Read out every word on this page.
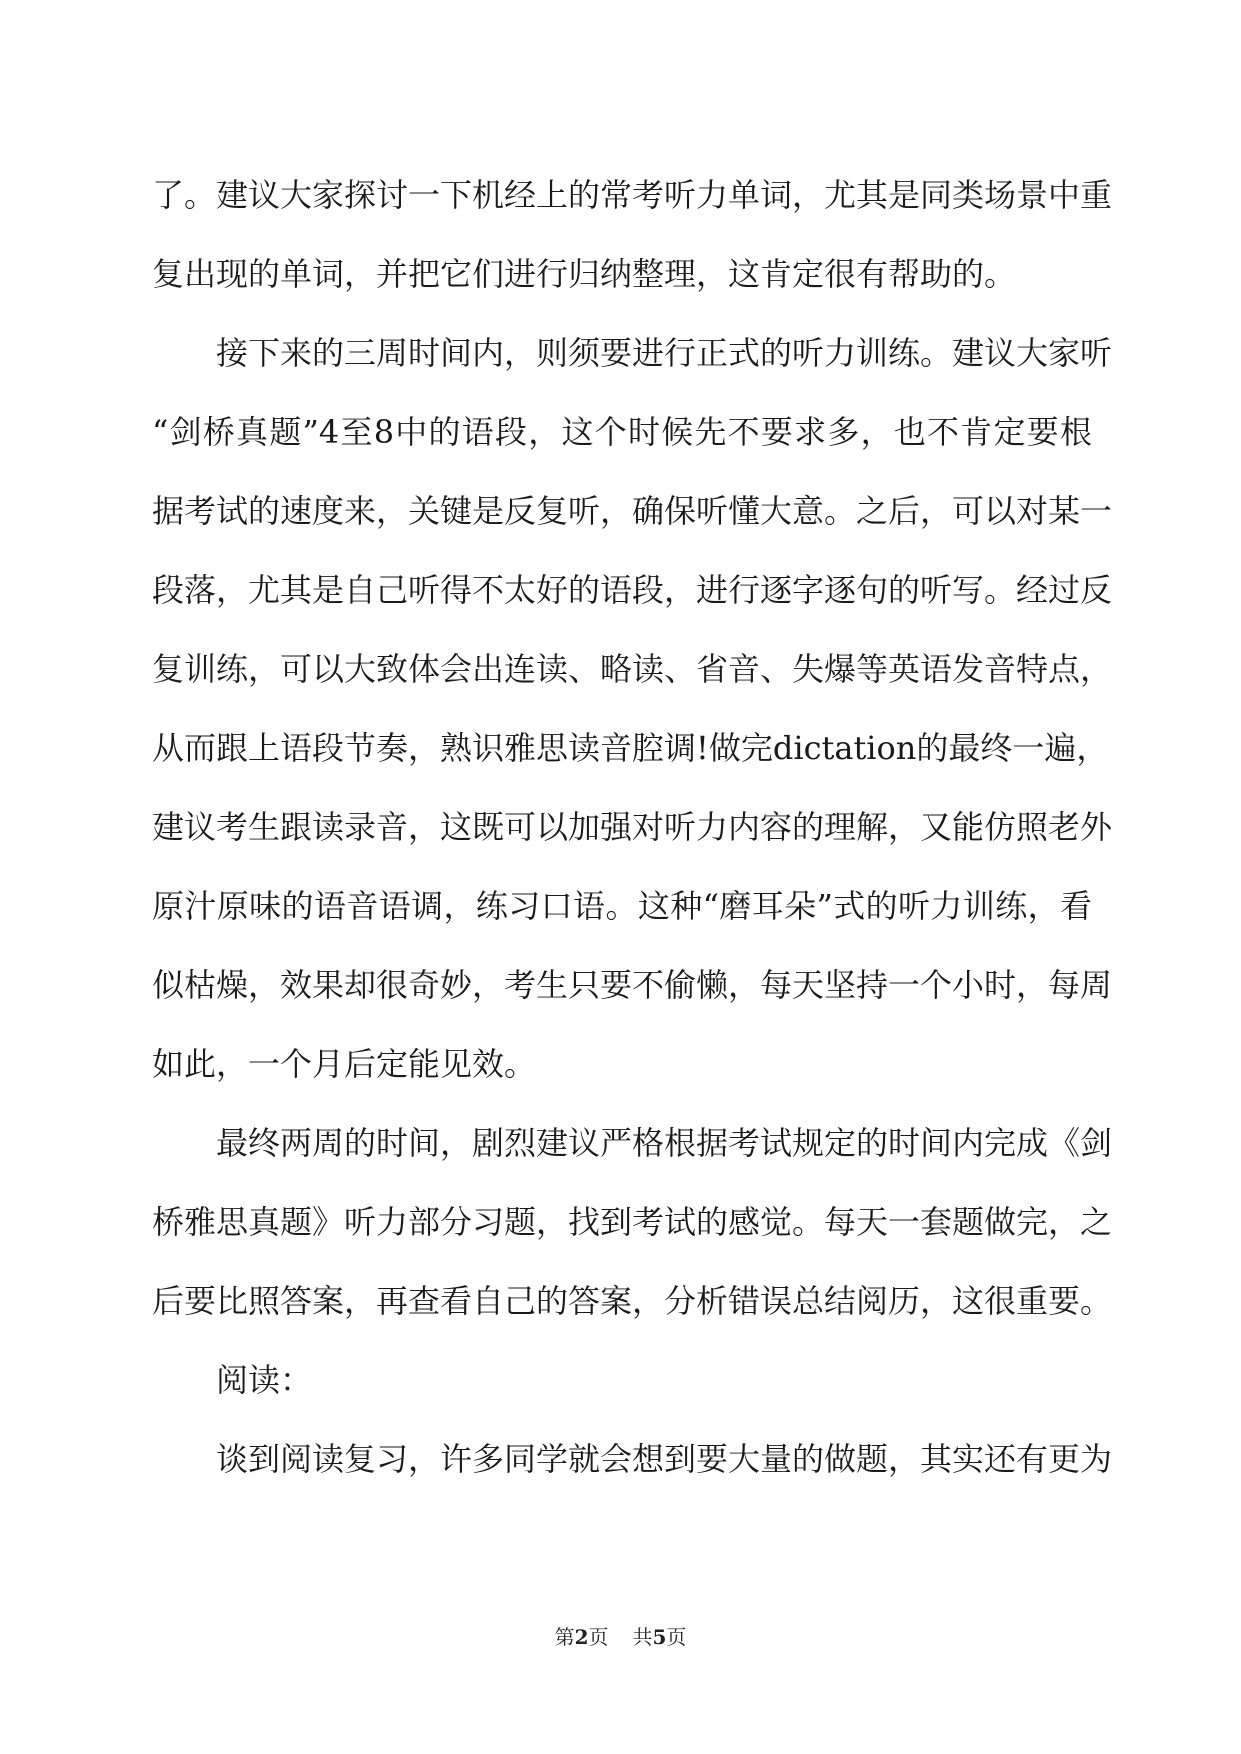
了。建议大家探讨一下机经上的常考听力单词，尤其是同类场景中重
复出现的单词，并把它们进行归纳整理，这肯定很有帮助的。
接下来的三周时间内，则须要进行正式的听力训练。建议大家听
“剑桥真题”4至8中的语段，这个时候先不要求多，也不肯定要根
据考试的速度来，关键是反复听，确保听懂大意。之后，可以对某一
段落，尤其是自己听得不太好的语段，进行逐字逐句的听写。经过反
复训练，可以大致体会出连读、略读、省音、失爆等英语发音特点，
从而跟上语段节奏，熟识雅思读音腔调!做完dictation的最终一遍，
建议考生跟读录音，这既可以加强对听力内容的理解，又能仿照老外
原汁原味的语音语调，练习口语。这种“磨耳朵”式的听力训练，看
似枯燥，效果却很奇妙，考生只要不偷懒，每天坚持一个小时，每周
如此，一个月后定能见效。
最终两周的时间，剧烈建议严格根据考试规定的时间内完成《剑
桥雅思真题》听力部分习题，找到考试的感觉。每天一套题做完，之
后要比照答案，再查看自己的答案，分析错误总结阅历，这很重要。
阅读：
谈到阅读复习，许多同学就会想到要大量的做题，其实还有更为
第2页 共5页
